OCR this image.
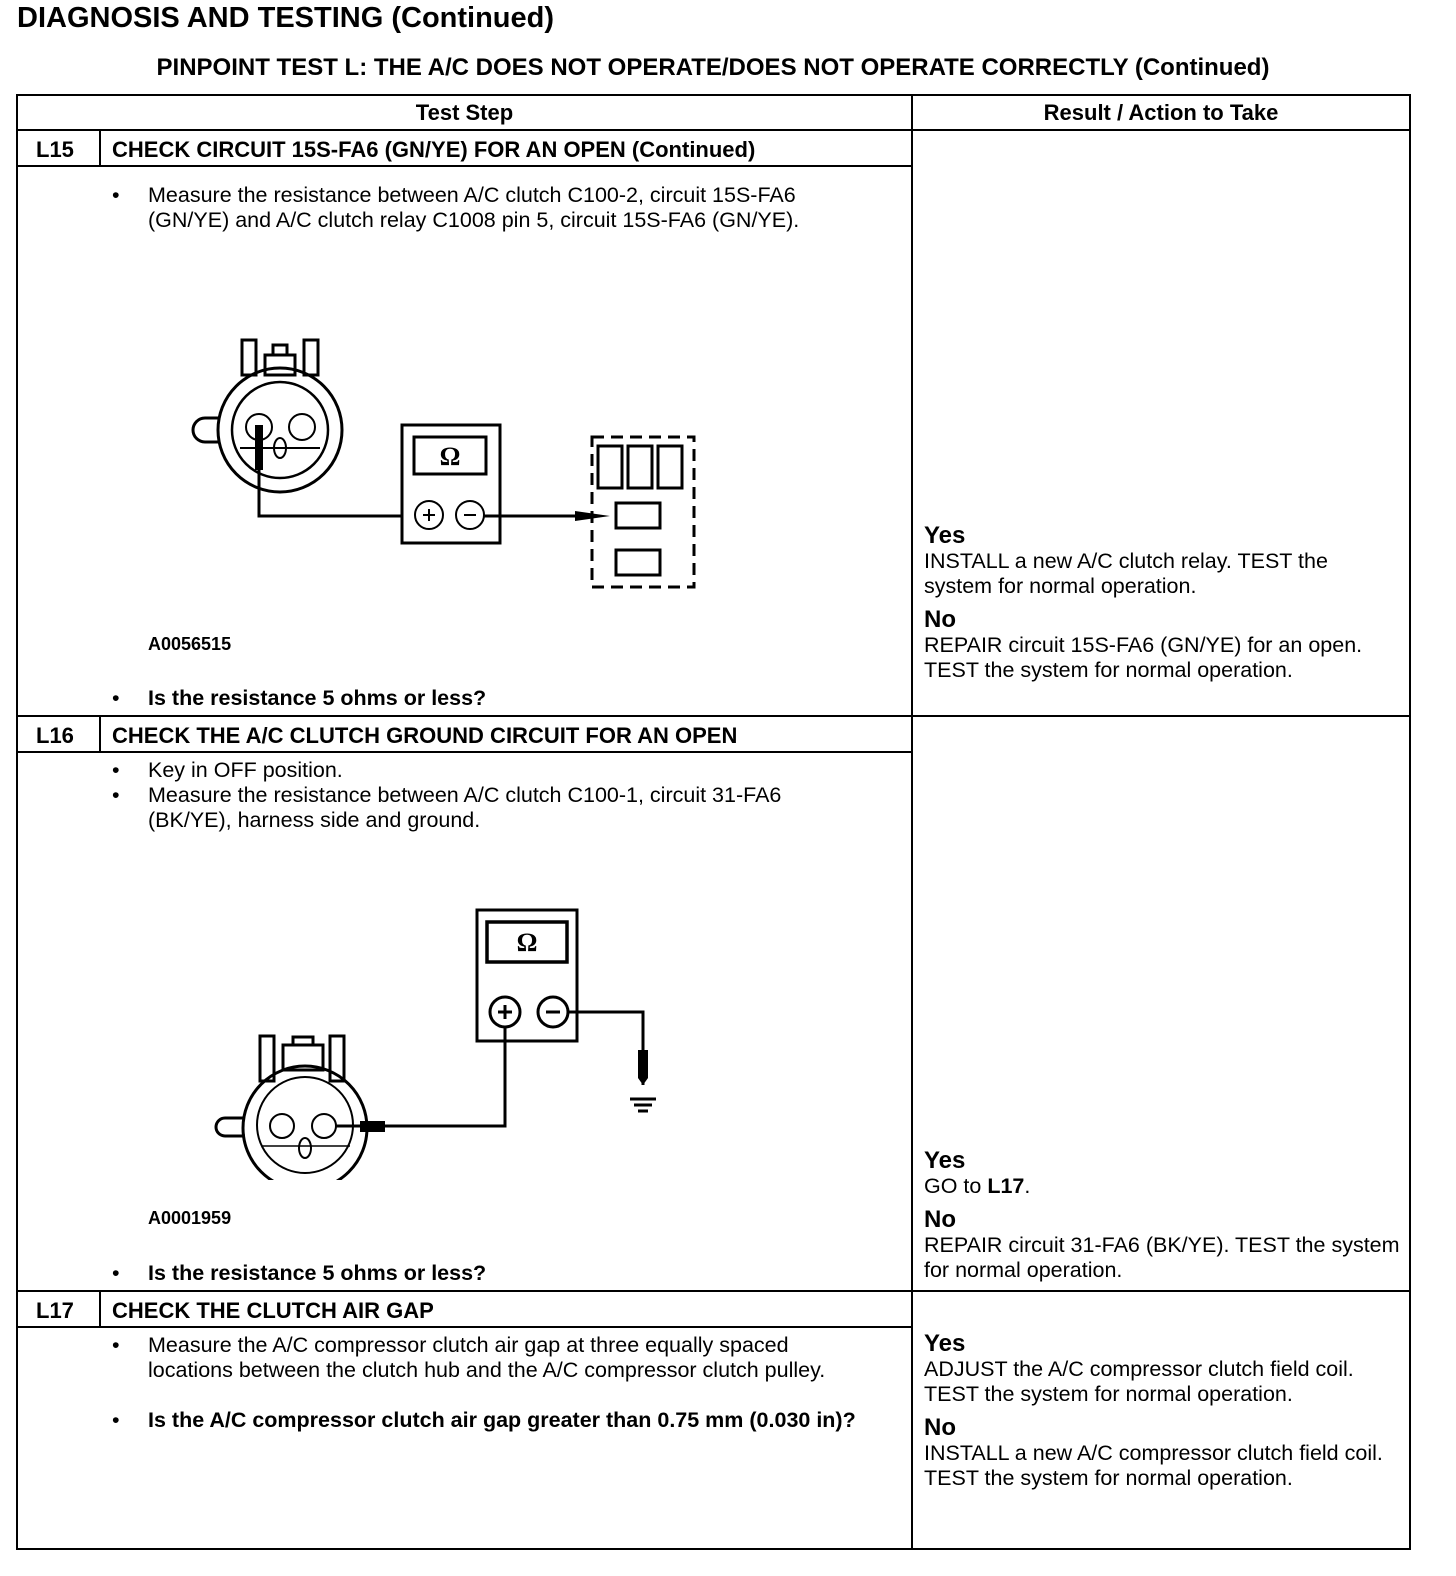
DIAGNOSIS AND TESTING (Continued)
PINPOINT TEST L: THE A/C DOES NOT OPERATE/DOES NOT OPERATE CORRECTLY (Continued)
Test Step	Result / Action to Take
L15 CHECK CIRCUIT 15S-FA6 (GN/YE) FOR AN OPEN (Continued)
• Measure the resistance between A/C clutch C100-2, circuit 15S-FA6 (GN/YE) and A/C clutch relay C1008 pin 5, circuit 15S-FA6 (GN/YE).
Ω
A0056515
• Is the resistance 5 ohms or less?
Yes
INSTALL a new A/C clutch relay. TEST the system for normal operation.
No
REPAIR circuit 15S-FA6 (GN/YE) for an open. TEST the system for normal operation.
L16 CHECK THE A/C CLUTCH GROUND CIRCUIT FOR AN OPEN
• Key in OFF position.
• Measure the resistance between A/C clutch C100-1, circuit 31-FA6 (BK/YE), harness side and ground.
Ω
A0001959
• Is the resistance 5 ohms or less?
Yes
GO to L17.
No
REPAIR circuit 31-FA6 (BK/YE). TEST the system for normal operation.
L17 CHECK THE CLUTCH AIR GAP
• Measure the A/C compressor clutch air gap at three equally spaced locations between the clutch hub and the A/C compressor clutch pulley.
• Is the A/C compressor clutch air gap greater than 0.75 mm (0.030 in)?
Yes
ADJUST the A/C compressor clutch field coil. TEST the system for normal operation.
No
INSTALL a new A/C compressor clutch field coil. TEST the system for normal operation.
